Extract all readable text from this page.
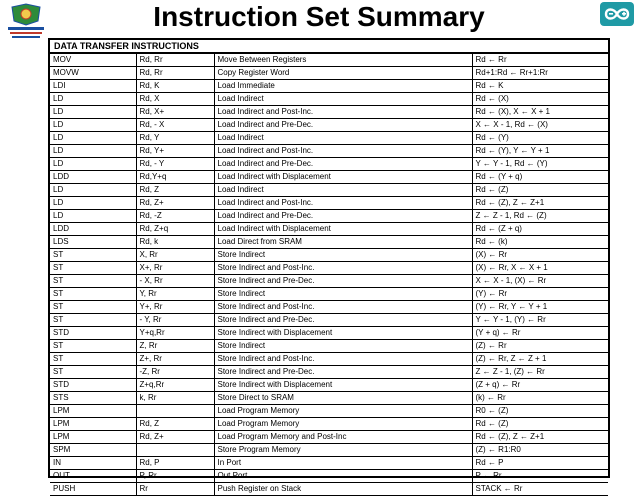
Instruction Set Summary
DATA TRANSFER INSTRUCTIONS
MOV	Rd, Rr	Move Between Registers	Rd ← Rr
MOVW	Rd, Rr	Copy Register Word	Rd+1:Rd ← Rr+1:Rr
LDI	Rd, K	Load Immediate	Rd ← K
LD	Rd, X	Load Indirect	Rd ← (X)
LD	Rd, X+	Load Indirect and Post-Inc.	Rd ← (X), X ← X + 1
LD	Rd, - X	Load Indirect and Pre-Dec.	X ← X - 1, Rd ← (X)
LD	Rd, Y	Load Indirect	Rd ← (Y)
LD	Rd, Y+	Load Indirect and Post-Inc.	Rd ← (Y), Y ← Y + 1
LD	Rd, - Y	Load Indirect and Pre-Dec.	Y ← Y - 1, Rd ← (Y)
LDD	Rd,Y+q	Load Indirect with Displacement	Rd ← (Y + q)
LD	Rd, Z	Load Indirect	Rd ← (Z)
LD	Rd, Z+	Load Indirect and Post-Inc.	Rd ← (Z), Z ← Z+1
LD	Rd, -Z	Load Indirect and Pre-Dec.	Z ← Z - 1, Rd ← (Z)
LDD	Rd, Z+q	Load Indirect with Displacement	Rd ← (Z + q)
LDS	Rd, k	Load Direct from SRAM	Rd ← (k)
ST	X, Rr	Store Indirect	(X) ← Rr
ST	X+, Rr	Store Indirect and Post-Inc.	(X) ← Rr, X ← X + 1
ST	- X, Rr	Store Indirect and Pre-Dec.	X ← X - 1, (X) ← Rr
ST	Y, Rr	Store Indirect	(Y) ← Rr
ST	Y+, Rr	Store Indirect and Post-Inc.	(Y) ← Rr, Y ← Y + 1
ST	- Y, Rr	Store Indirect and Pre-Dec.	Y ← Y - 1, (Y) ← Rr
STD	Y+q,Rr	Store Indirect with Displacement	(Y + q) ← Rr
ST	Z, Rr	Store Indirect	(Z) ← Rr
ST	Z+, Rr	Store Indirect and Post-Inc.	(Z) ← Rr, Z ← Z + 1
ST	-Z, Rr	Store Indirect and Pre-Dec.	Z ← Z - 1, (Z) ← Rr
STD	Z+q,Rr	Store Indirect with Displacement	(Z + q) ← Rr
STS	k, Rr	Store Direct to SRAM	(k) ← Rr
LPM		Load Program Memory	R0 ← (Z)
LPM	Rd, Z	Load Program Memory	Rd ← (Z)
LPM	Rd, Z+	Load Program Memory and Post-Inc	Rd ← (Z), Z ← Z+1
SPM		Store Program Memory	(Z) ← R1:R0
IN	Rd, P	In Port	Rd ← P
OUT	P, Rr	Out Port	P ← Rr
PUSH	Rr	Push Register on Stack	STACK ← Rr
